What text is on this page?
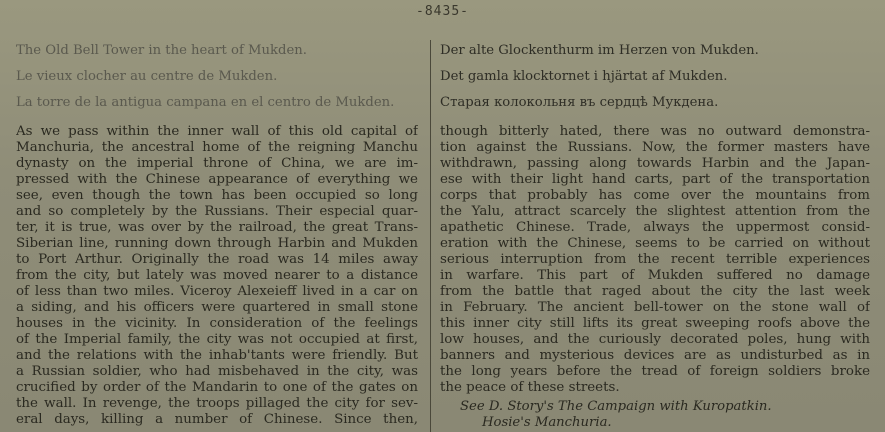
-8435-
The Old Bell Tower in the heart of Mukden.
Le vieux clocher au centre de Mukden.
La torre de la antigua campana en el centro de Mukden.
As we pass within the inner wall of this old capital of
Manchuria, the ancestral home of the reigning Manchu
dynasty on the imperial throne of China, we are im-
pressed with the Chinese appearance of everything we
see, even though the town has been occupied so long
and so completely by the Russians. Their especial quar-
ter, it is true, was over by the railroad, the great Trans-
Siberian line, running down through Harbin and Mukden
to Port Arthur. Originally the road was 14 miles away
from the city, but lately was moved nearer to a distance
of less than two miles. Viceroy Alexeieff lived in a car on
a siding, and his officers were quartered in small stone
houses in the vicinity. In consideration of the feelings
of the Imperial family, the city was not occupied at first,
and the relations with the inhab'tants were friendly. But
a Russian soldier, who had misbehaved in the city, was
crucified by order of the Mandarin to one of the gates on
the wall. In revenge, the troops pillaged the city for sev-
eral days, killing a number of Chinese. Since then,
Der alte Glockenthurm im Herzen von Mukden.
Det gamla klocktornet i hjärtat af Mukden.
Старая колокольня въ сердцѣ Мукдена.
though bitterly hated, there was no outward demonstra-
tion against the Russians. Now, the former masters have
withdrawn, passing along towards Harbin and the Japan-
ese with their light hand carts, part of the transportation
corps that probably has come over the mountains from
the Yalu, attract scarcely the slightest attention from the
apathetic Chinese. Trade, always the uppermost consid-
eration with the Chinese, seems to be carried on without
serious interruption from the recent terrible experiences
in warfare. This part of Mukden suffered no damage
from the battle that raged about the city the last week
in February. The ancient bell-tower on the stone wall of
this inner city still lifts its great sweeping roofs above the
low houses, and the curiously decorated poles, hung with
banners and mysterious devices are as undisturbed as in
the long years before the tread of foreign soldiers broke
the peace of these streets.
See D. Story's The Campaign with Kuropatkin.
Hosie's Manchuria.
